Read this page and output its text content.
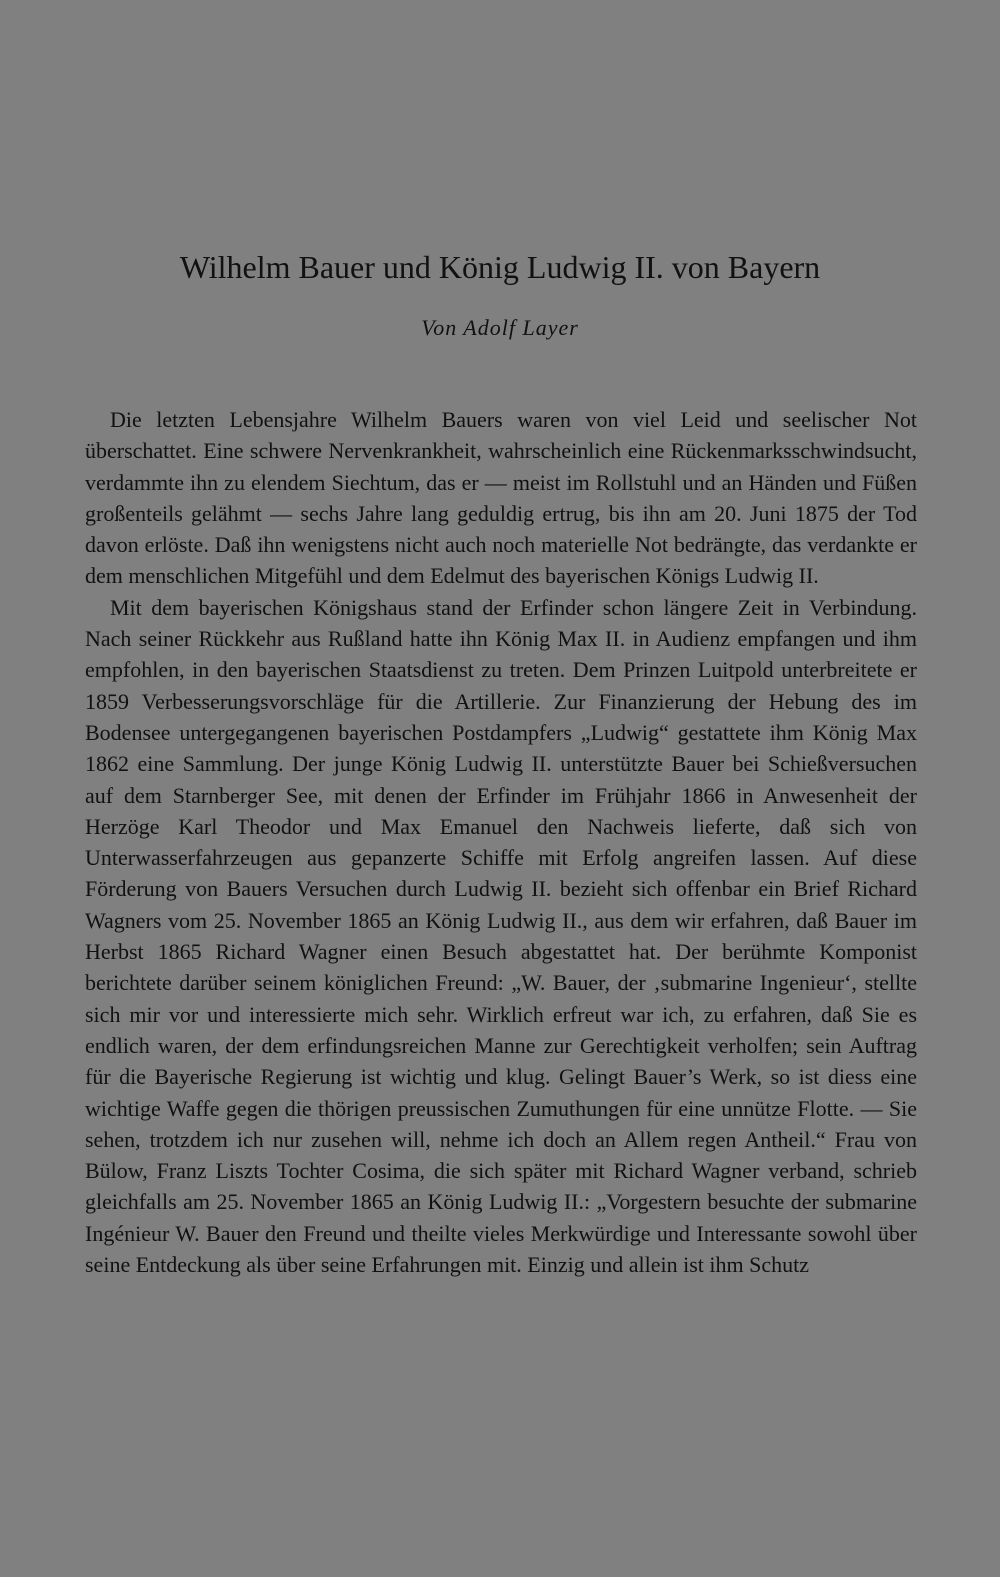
Wilhelm Bauer und König Ludwig II. von Bayern
Von Adolf Layer

Die letzten Lebensjahre Wilhelm Bauers waren von viel Leid und seelischer Not überschattet. Eine schwere Nervenkrankheit, wahrscheinlich eine Rückenmarksschwindsucht, verdammte ihn zu elendem Siechtum, das er — meist im Rollstuhl und an Händen und Füßen großenteils gelähmt — sechs Jahre lang geduldig ertrug, bis ihn am 20. Juni 1875 der Tod davon erlöste. Daß ihn wenigstens nicht auch noch materielle Not bedrängte, das verdankte er dem menschlichen Mitgefühl und dem Edelmut des bayerischen Königs Ludwig II.

Mit dem bayerischen Königshaus stand der Erfinder schon längere Zeit in Verbindung. Nach seiner Rückkehr aus Rußland hatte ihn König Max II. in Audienz empfangen und ihm empfohlen, in den bayerischen Staatsdienst zu treten. Dem Prinzen Luitpold unterbreitete er 1859 Verbesserungsvorschläge für die Artillerie. Zur Finanzierung der Hebung des im Bodensee untergegangenen bayerischen Postdampfers „Ludwig“ gestattete ihm König Max 1862 eine Sammlung. Der junge König Ludwig II. unterstützte Bauer bei Schießversuchen auf dem Starnberger See, mit denen der Erfinder im Frühjahr 1866 in Anwesenheit der Herzöge Karl Theodor und Max Emanuel den Nachweis lieferte, daß sich von Unterwasserfahrzeugen aus gepanzerte Schiffe mit Erfolg angreifen lassen. Auf diese Förderung von Bauers Versuchen durch Ludwig II. bezieht sich offenbar ein Brief Richard Wagners vom 25. November 1865 an König Ludwig II., aus dem wir erfahren, daß Bauer im Herbst 1865 Richard Wagner einen Besuch abgestattet hat. Der berühmte Komponist berichtete darüber seinem königlichen Freund: „W. Bauer, der ‚submarine Ingenieur‘, stellte sich mir vor und interessierte mich sehr. Wirklich erfreut war ich, zu erfahren, daß Sie es endlich waren, der dem erfindungsreichen Manne zur Gerechtigkeit verholfen; sein Auftrag für die Bayerische Regierung ist wichtig und klug. Gelingt Bauer’s Werk, so ist diess eine wichtige Waffe gegen die thörigen preussischen Zumuthungen für eine unnütze Flotte. — Sie sehen, trotzdem ich nur zusehen will, nehme ich doch an Allem regen Antheil.“ Frau von Bülow, Franz Liszts Tochter Cosima, die sich später mit Richard Wagner verband, schrieb gleichfalls am 25. November 1865 an König Ludwig II.: „Vorgestern besuchte der submarine Ingénieur W. Bauer den Freund und theilte vieles Merkwürdige und Interessante sowohl über seine Entdeckung als über seine Erfahrungen mit. Einzig und allein ist ihm Schutz
